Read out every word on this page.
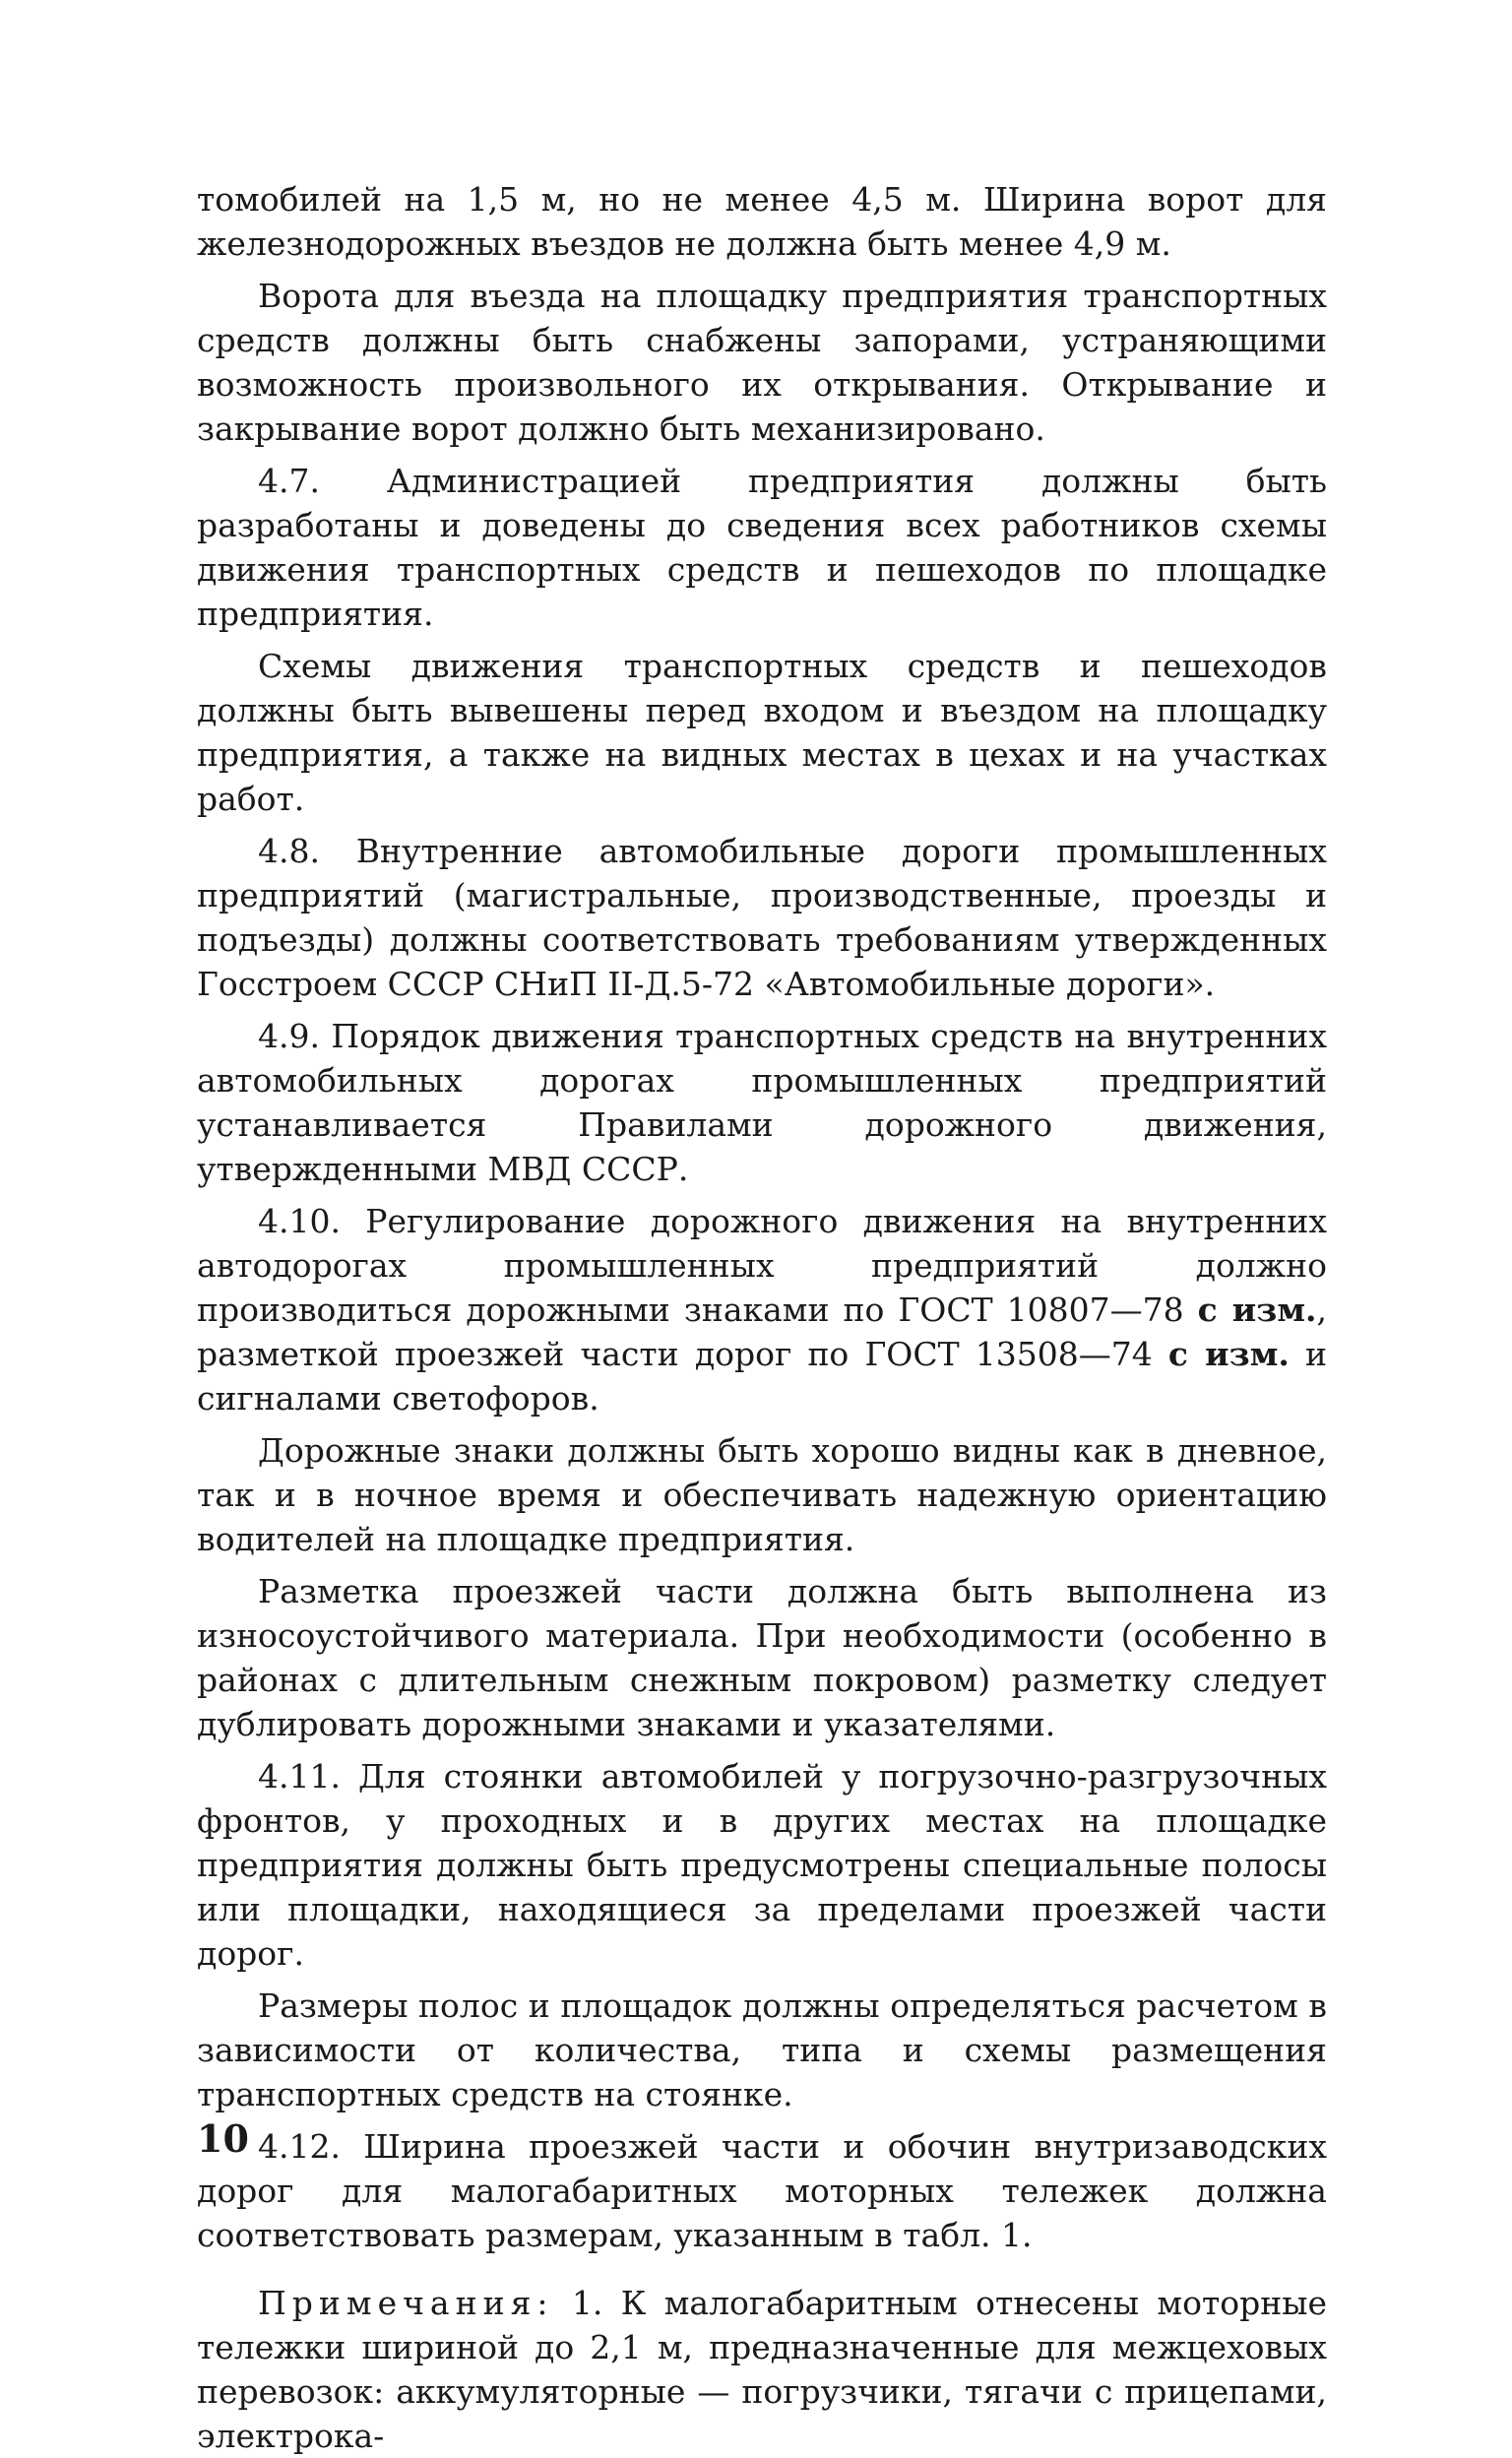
томобилей на 1,5 м, но не менее 4,5 м. Ширина ворот для железнодорожных въездов не должна быть менее 4,9 м.

Ворота для въезда на площадку предприятия транспортных средств должны быть снабжены запорами, устраняющими возможность произвольного их открывания. Открывание и закрывание ворот должно быть механизировано.

4.7. Администрацией предприятия должны быть разработаны и доведены до сведения всех работников схемы движения транспортных средств и пешеходов по площадке предприятия.

Схемы движения транспортных средств и пешеходов должны быть вывешены перед входом и въездом на площадку предприятия, а также на видных местах в цехах и на участках работ.

4.8. Внутренние автомобильные дороги промышленных предприятий (магистральные, производственные, проезды и подъезды) должны соответствовать требованиям утвержденных Госстроем СССР СНиП II-Д.5-72 «Автомобильные дороги».

4.9. Порядок движения транспортных средств на внутренних автомобильных дорогах промышленных предприятий устанавливается Правилами дорожного движения, утвержденными МВД СССР.

4.10. Регулирование дорожного движения на внутренних автодорогах промышленных предприятий должно производиться дорожными знаками по ГОСТ 10807—78 с изм., разметкой проезжей части дорог по ГОСТ 13508—74 с изм. и сигналами светофоров.

Дорожные знаки должны быть хорошо видны как в дневное, так и в ночное время и обеспечивать надежную ориентацию водителей на площадке предприятия.

Разметка проезжей части должна быть выполнена из износоустойчивого материала. При необходимости (особенно в районах с длительным снежным покровом) разметку следует дублировать дорожными знаками и указателями.

4.11. Для стоянки автомобилей у погрузочно-разгрузочных фронтов, у проходных и в других местах на площадке предприятия должны быть предусмотрены специальные полосы или площадки, находящиеся за пределами проезжей части дорог.

Размеры полос и площадок должны определяться расчетом в зависимости от количества, типа и схемы размещения транспортных средств на стоянке.

4.12. Ширина проезжей части и обочин внутризаводских дорог для малогабаритных моторных тележек должна соответствовать размерам, указанным в табл. 1.

Примечания: 1. К малогабаритным отнесены моторные тележки шириной до 2,1 м, предназначенные для межцеховых перевозок: аккумуляторные — погрузчики, тягачи с прицепами, электрока-

10
